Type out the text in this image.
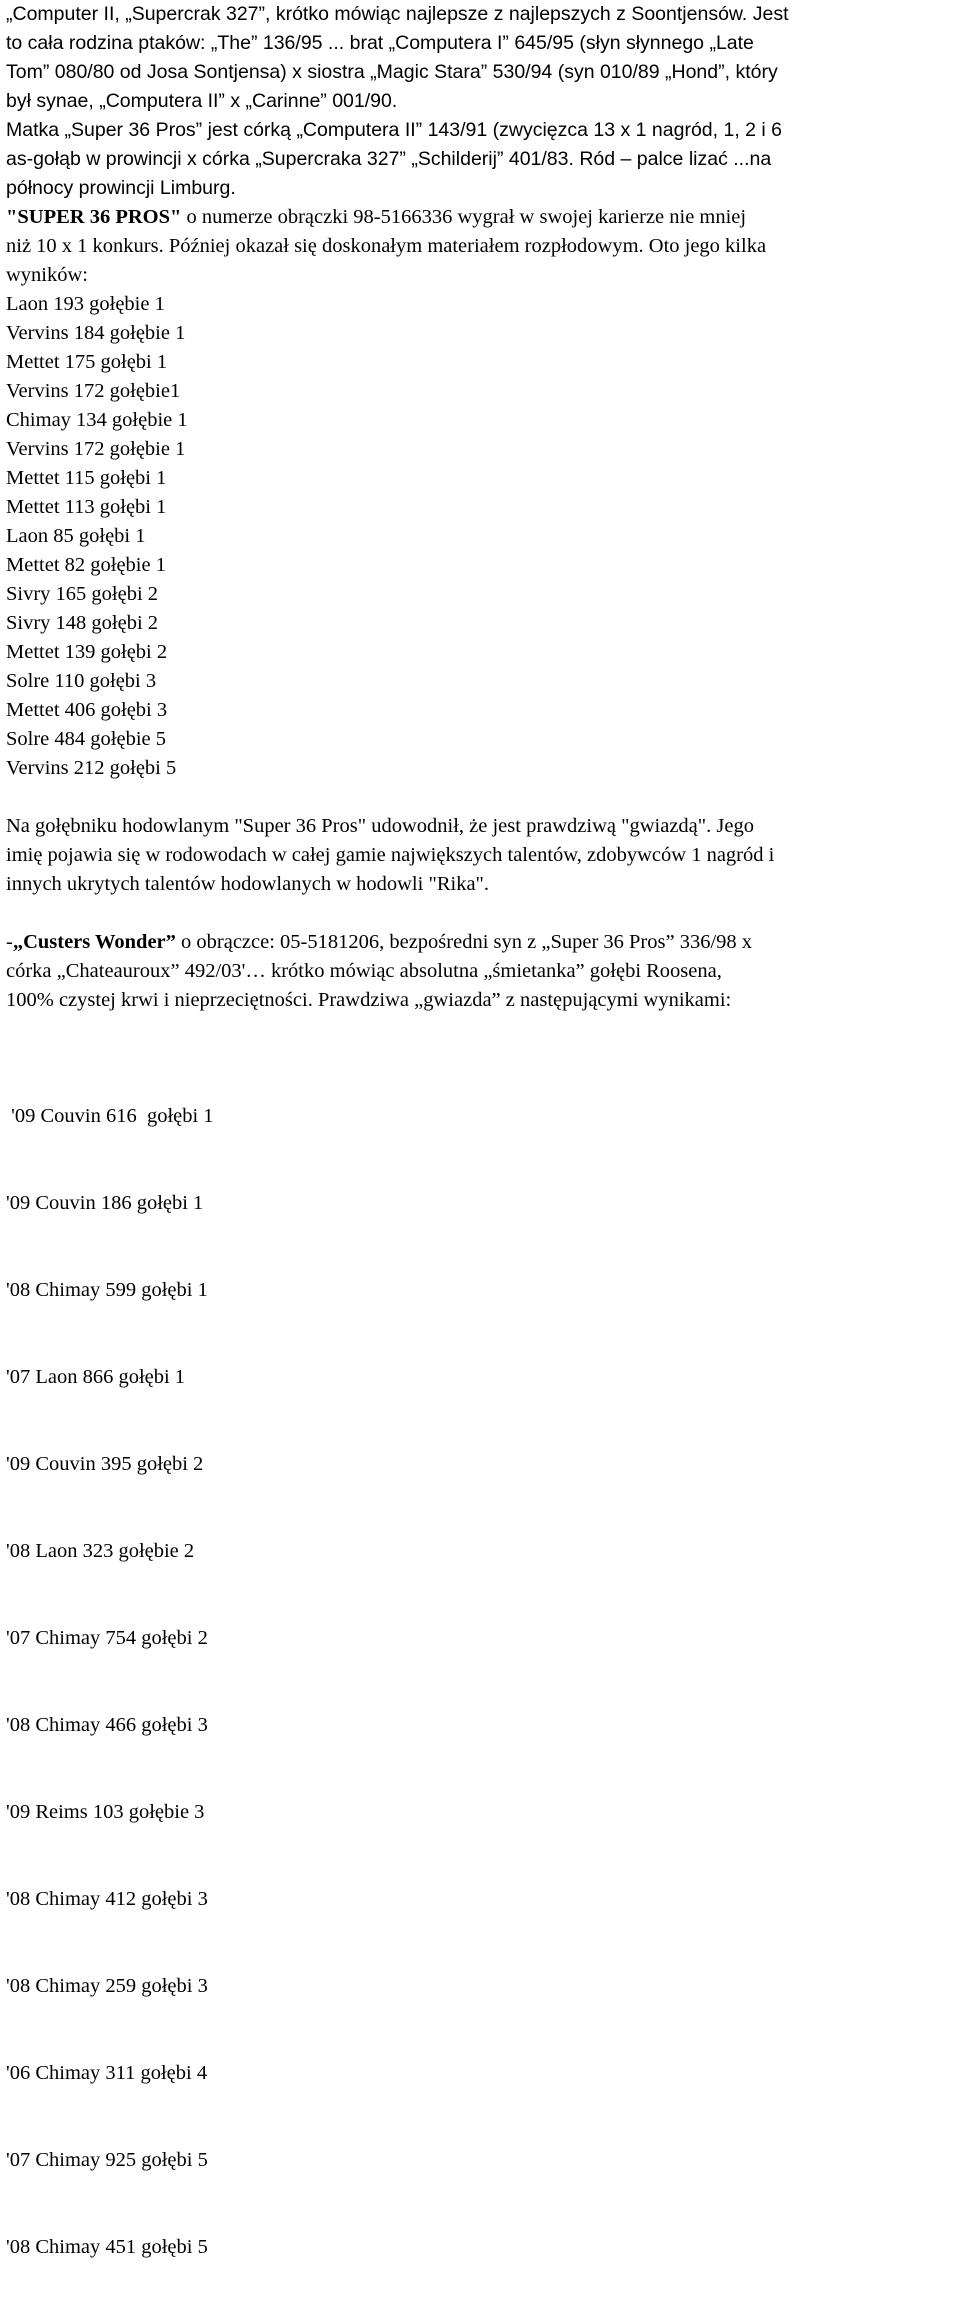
„Computer II, „Supercrak 327”, krótko mówiąc najlepsze z najlepszych z Soontjensów. Jest
to cała rodzina ptaków: „The” 136/95 ... brat „Computera I” 645/95 (słyn słynnego „Late
Tom” 080/80 od Josa Sontjensa) x siostra „Magic Stara” 530/94 (syn 010/89 „Hond”, który
był synae, „Computera II” x „Carinne” 001/90.
Matka „Super 36 Pros” jest córką „Computera II” 143/91 (zwycięzca 13 x 1 nagród, 1, 2 i 6
as-gołąb w prowincji x córka „Supercraka 327” „Schilderij” 401/83. Ród – palce lizać ...na
północy prowincji Limburg.
"SUPER 36 PROS" o numerze obrączki 98-5166336 wygrał w swojej karierze nie mniej
niż 10 x 1 konkurs. Później okazał się doskonałym materiałem rozpłodowym. Oto jego kilka
wyników:
Laon 193 gołębie 1
Vervins 184 gołębie 1
Mettet 175 gołębi 1
Vervins 172 gołębie1
Chimay 134 gołębie 1
Vervins 172 gołębie 1
Mettet 115 gołębi 1
Mettet 113 gołębi 1
Laon 85 gołębi 1
Mettet 82 gołębie 1
Sivry 165 gołębi 2
Sivry 148 gołębi 2
Mettet 139 gołębi 2
Solre 110 gołębi 3
Mettet 406 gołębi 3
Solre 484 gołębie 5
Vervins 212 gołębi 5
Na gołębniku hodowlanym "Super 36 Pros" udowodnił, że jest prawdziwą "gwiazdą". Jego
imię pojawia się w rodowodach w całej gamie największych talentów, zdobywców 1 nagród i
innych ukrytych talentów hodowlanych w hodowli "Rika".
-„Custers Wonder” o obrączce: 05-5181206, bezpośredni syn z „Super 36 Pros” 336/98 x
córka „Chateauroux” 492/03'… krótko mówiąc absolutna „śmietanka” gołębi Roosena,
100% czystej krwi i nieprzeciętności. Prawdziwa „gwiazda” z następującymi wynikami:

'09 Couvin 616  gołębi 1

'09 Couvin 186 gołębi 1

'08 Chimay 599 gołębi 1

'07 Laon 866 gołębi 1

'09 Couvin 395 gołębi 2

'08 Laon 323 gołębie 2

'07 Chimay 754 gołębi 2

'08 Chimay 466 gołębi 3

'09 Reims 103 gołębie 3

'08 Chimay 412 gołębi 3

'08 Chimay 259 gołębi 3

'06 Chimay 311 gołębi 4

'07 Chimay 925 gołębi 5

'08 Chimay 451 gołębi 5
